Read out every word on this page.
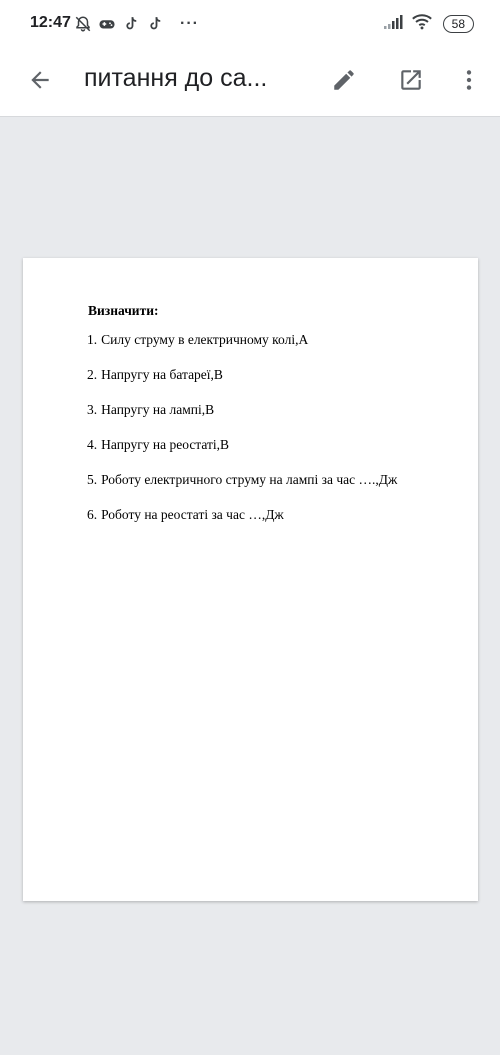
12:47	···	58
питання до са...
Визначити:
1. Силу струму в електричному колі,А
2. Напругу на батареї,В
3. Напругу на лампі,В
4. Напругу на реостаті,В
5. Роботу електричного струму на лампі за час ….,Дж
6. Роботу на реостаті за час …,Дж
